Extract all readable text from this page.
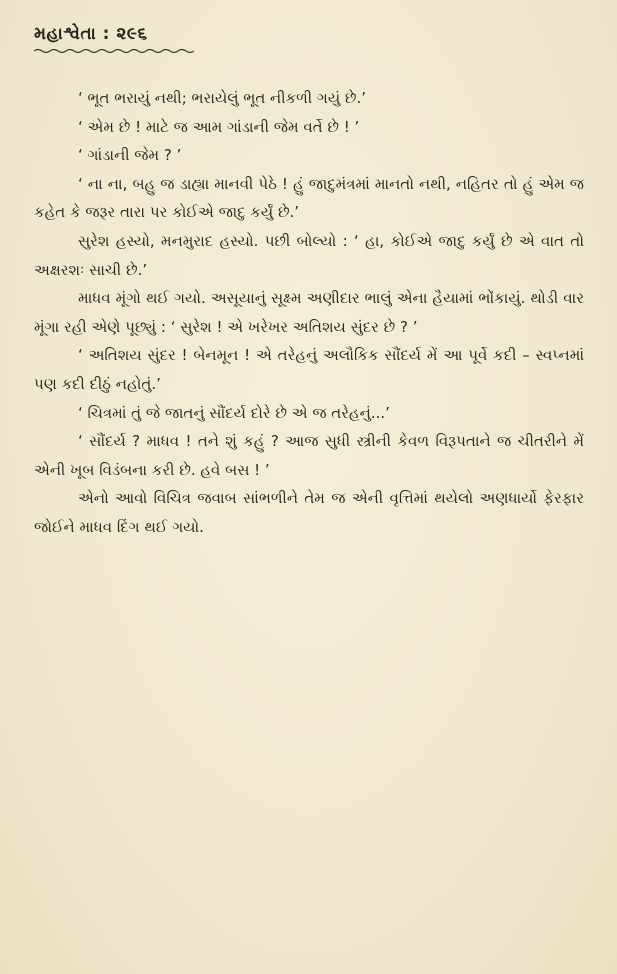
મહાશ્વેતા : ૨૯૬

‘ ભૂત ભરાયું નથી; ભરાયેલું ભૂત નીકળી ગયું છે.’

‘ એમ છે ! માટે જ આમ ગાંડાની જેમ વર્તે છે ! ’

‘ ગાંડાની જેમ ? ’

‘ ના ના, બહુ જ ડાહ્યા માનવી પેઠે ! હું જાદુમંત્રમાં માનતો નથી, નહિતર તો હું એમ જ કહેત કે જરૂર તારા પર કોઈએ જાદુ કર્યું છે.’

સુરેશ હસ્યો, મનમુરાદ હસ્યો. પછી બોલ્યો : ‘ હા, કોઈએ જાદુ કર્યું છે એ વાત તો અક્ષરશઃ સાચી છે.’

માધવ મૂંગો થઈ ગયો. અસૂયાનું સૂક્ષ્મ અણીદાર ભાલું એના હૈયામાં ભોંકાયું. થોડી વાર મૂંગા રહી એણે પૂછ્યું : ‘ સુરેશ ! એ ખરેખર અતિશય સુંદર છે ? ’

‘ અતિશય સુંદર ! બેનમૂન ! એ તરેહનું અલૌકિક સૌંદર્ય મેં આ પૂર્વે કદી – સ્વપ્નમાં પણ કદી દીઠું નહોતું.’

‘ ચિત્રમાં તું જે જાતનું સૌંદર્ય દોરે છે એ જ તરેહનું...’

‘ સૌંદર્ય ? માધવ ! તને શું કહું ? આજ સુધી સ્ત્રીની કેવળ વિરૂપતાને જ ચીતરીને મેં એની ખૂબ વિડંબના કરી છે. હવે બસ ! ’

એનો આવો વિચિત્ર જવાબ સાંભળીને તેમ જ એની વૃત્તિમાં થયેલો અણધાર્યો ફેરફાર જોઈને માધવ દિંગ થઈ ગયો.
